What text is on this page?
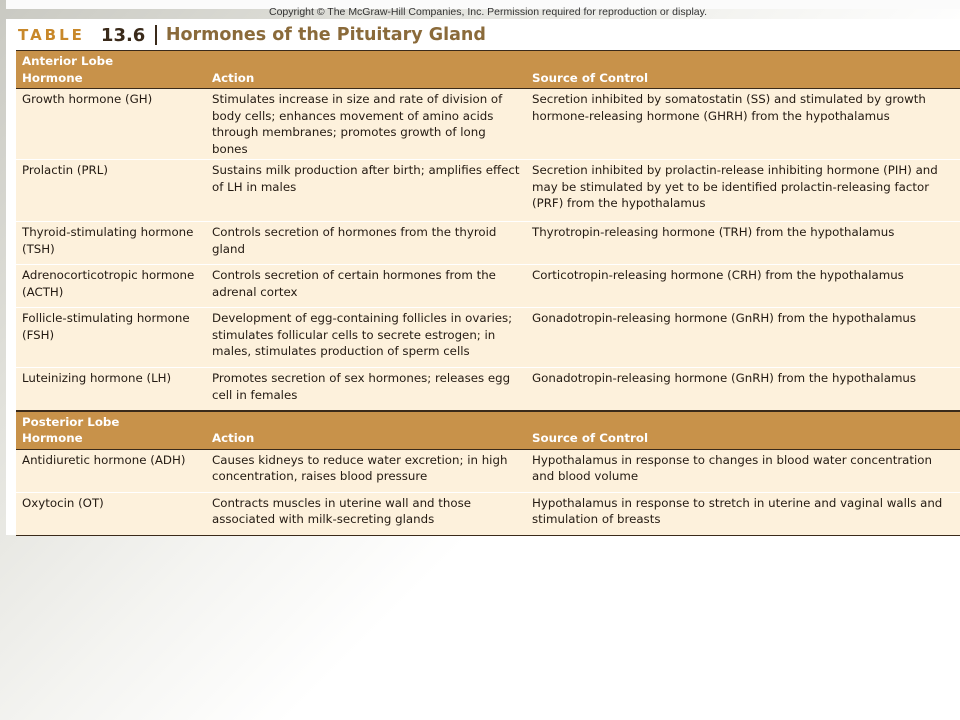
Copyright © The McGraw-Hill Companies, Inc. Permission required for reproduction or display.
TABLE 13.6 Hormones of the Pituitary Gland
Anterior Lobe
Hormone	Action	Source of Control
Growth hormone (GH)	Stimulates increase in size and rate of division of body cells; enhances movement of amino acids through membranes; promotes growth of long bones	Secretion inhibited by somatostatin (SS) and stimulated by growth hormone-releasing hormone (GHRH) from the hypothalamus
Prolactin (PRL)	Sustains milk production after birth; amplifies effect of LH in males	Secretion inhibited by prolactin-release inhibiting hormone (PIH) and may be stimulated by yet to be identified prolactin-releasing factor (PRF) from the hypothalamus
Thyroid-stimulating hormone (TSH)	Controls secretion of hormones from the thyroid gland	Thyrotropin-releasing hormone (TRH) from the hypothalamus
Adrenocorticotropic hormone (ACTH)	Controls secretion of certain hormones from the adrenal cortex	Corticotropin-releasing hormone (CRH) from the hypothalamus
Follicle-stimulating hormone (FSH)	Development of egg-containing follicles in ovaries; stimulates follicular cells to secrete estrogen; in males, stimulates production of sperm cells	Gonadotropin-releasing hormone (GnRH) from the hypothalamus
Luteinizing hormone (LH)	Promotes secretion of sex hormones; releases egg cell in females	Gonadotropin-releasing hormone (GnRH) from the hypothalamus

Posterior Lobe
Hormone	Action	Source of Control
Antidiuretic hormone (ADH)	Causes kidneys to reduce water excretion; in high concentration, raises blood pressure	Hypothalamus in response to changes in blood water concentration and blood volume
Oxytocin (OT)	Contracts muscles in uterine wall and those associated with milk-secreting glands	Hypothalamus in response to stretch in uterine and vaginal walls and stimulation of breasts
